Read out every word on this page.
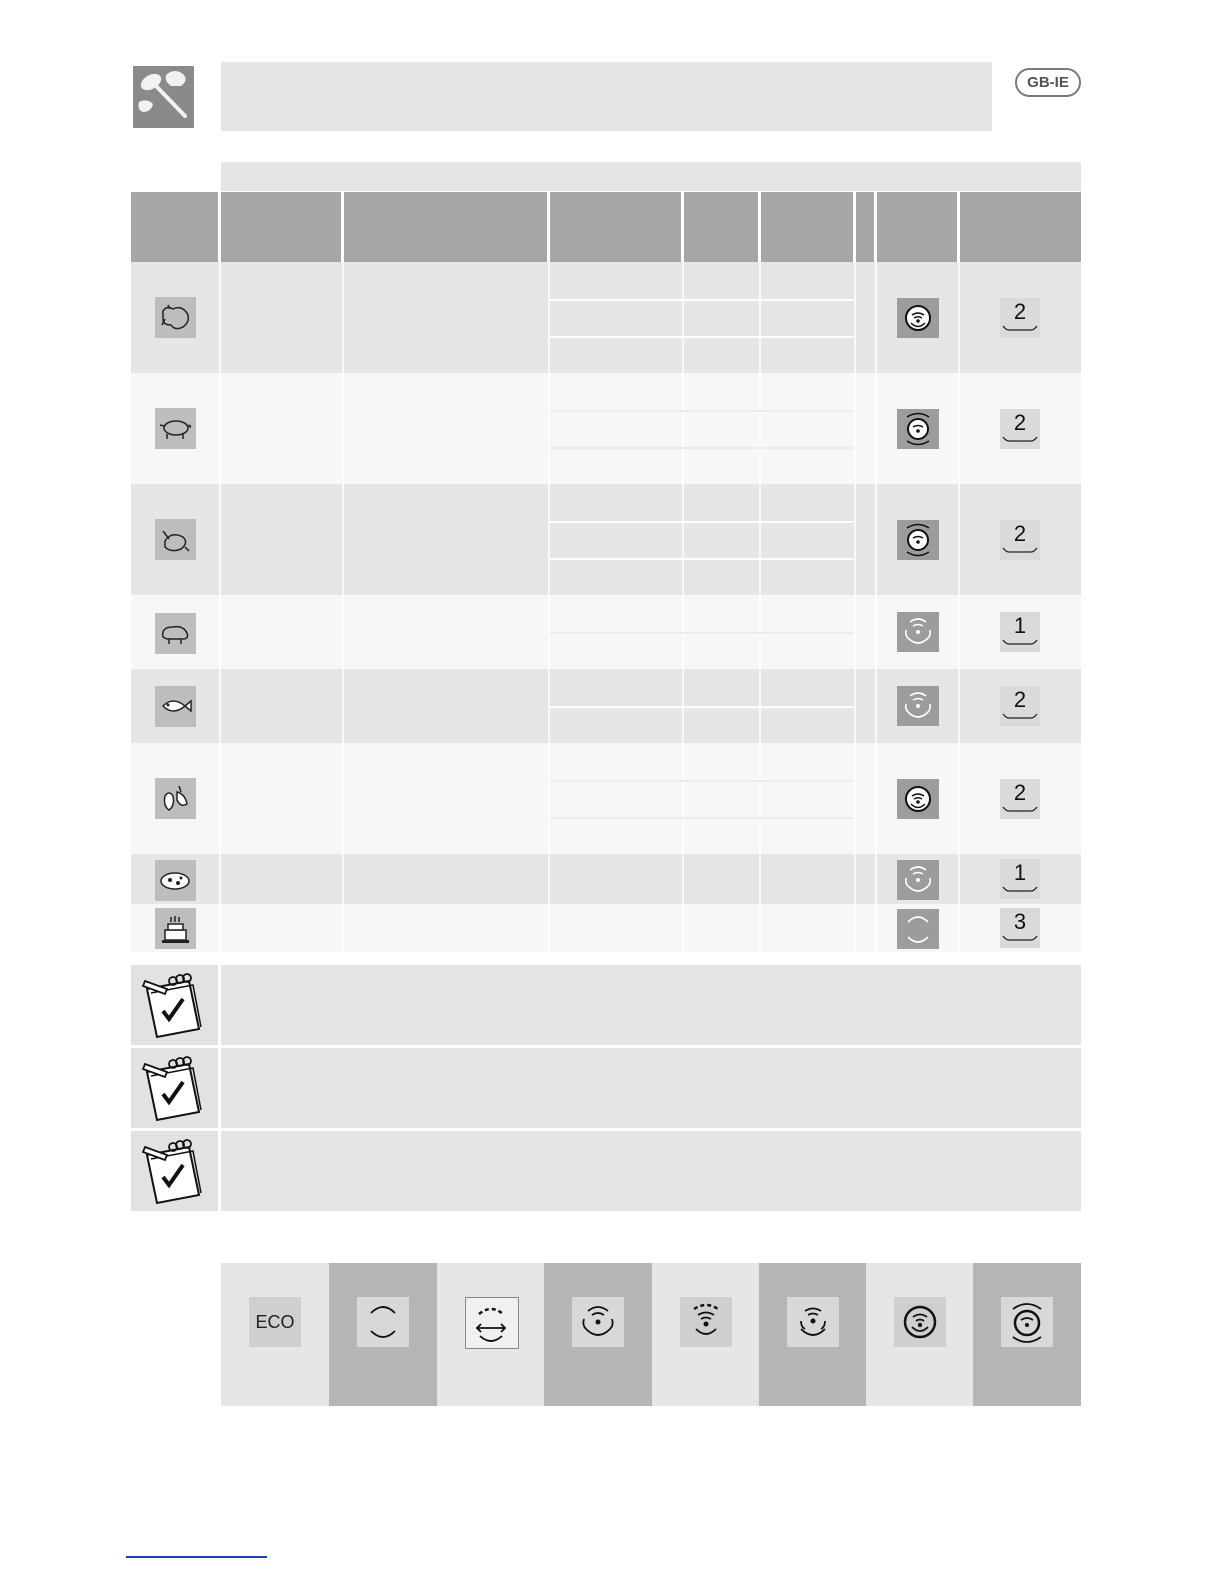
GB-IE
2
2
2
1
2
2
1
3
ECO
